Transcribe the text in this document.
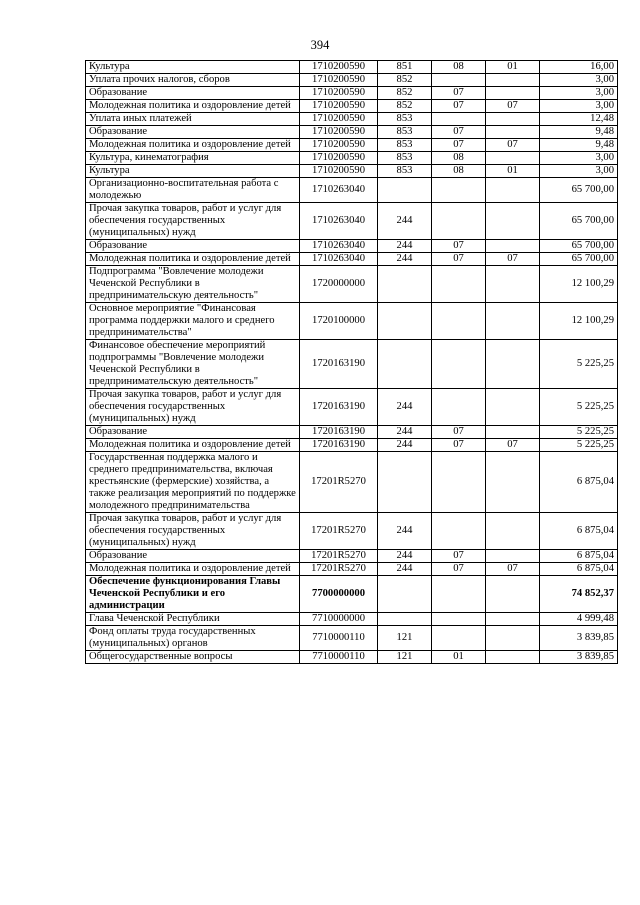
394
Культура	1710200590	851	08	01	16,00
Уплата прочих налогов, сборов	1710200590	852			3,00
Образование	1710200590	852	07		3,00
Молодежная политика и оздоровление детей	1710200590	852	07	07	3,00
Уплата иных платежей	1710200590	853			12,48
Образование	1710200590	853	07		9,48
Молодежная политика и оздоровление детей	1710200590	853	07	07	9,48
Культура, кинематография	1710200590	853	08		3,00
Культура	1710200590	853	08	01	3,00
Организационно-воспитательная работа с молодежью	1710263040				65 700,00
Прочая закупка товаров, работ и услуг для обеспечения государственных (муниципальных) нужд	1710263040	244			65 700,00
Образование	1710263040	244	07		65 700,00
Молодежная политика и оздоровление детей	1710263040	244	07	07	65 700,00
Подпрограмма "Вовлечение молодежи Чеченской Республики в предпринимательскую деятельность"	1720000000				12 100,29
Основное мероприятие "Финансовая программа поддержки малого и среднего предпринимательства"	1720100000				12 100,29
Финансовое обеспечение мероприятий подпрограммы "Вовлечение молодежи Чеченской Республики в предпринимательскую деятельность"	1720163190				5 225,25
Прочая закупка товаров, работ и услуг для обеспечения государственных (муниципальных) нужд	1720163190	244			5 225,25
Образование	1720163190	244	07		5 225,25
Молодежная политика и оздоровление детей	1720163190	244	07	07	5 225,25
Государственная поддержка малого и среднего предпринимательства, включая крестьянские (фермерские) хозяйства, а также реализация мероприятий по поддержке молодежного предпринимательства	17201R5270				6 875,04
Прочая закупка товаров, работ и услуг для обеспечения государственных (муниципальных) нужд	17201R5270	244			6 875,04
Образование	17201R5270	244	07		6 875,04
Молодежная политика и оздоровление детей	17201R5270	244	07	07	6 875,04
Обеспечение функционирования Главы Чеченской Республики и его администрации	7700000000				74 852,37
Глава Чеченской Республики	7710000000				4 999,48
Фонд оплаты труда государственных (муниципальных) органов	7710000110	121			3 839,85
Общегосударственные вопросы	7710000110	121	01		3 839,85
